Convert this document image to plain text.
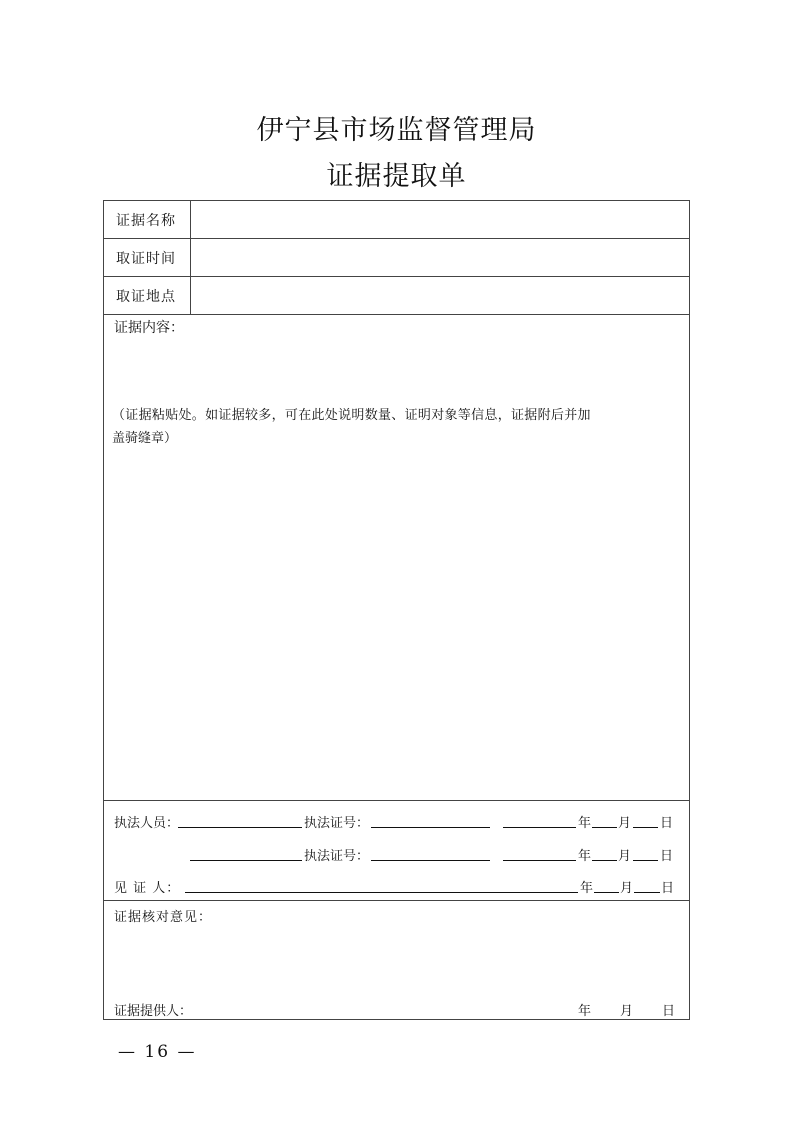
伊宁县市场监督管理局
证据提取单
证据名称
取证时间
取证地点
证据内容：
（证据粘贴处。如证据较多，可在此处说明数量、证明对象等信息，证据附后并加
盖骑缝章）
执法人员：	执法证号：	年 月 日
执法证号：	年 月 日
见 证 人：	年 月 日
证据核对意见：
证据提供人：	年 月 日
— 16 —
